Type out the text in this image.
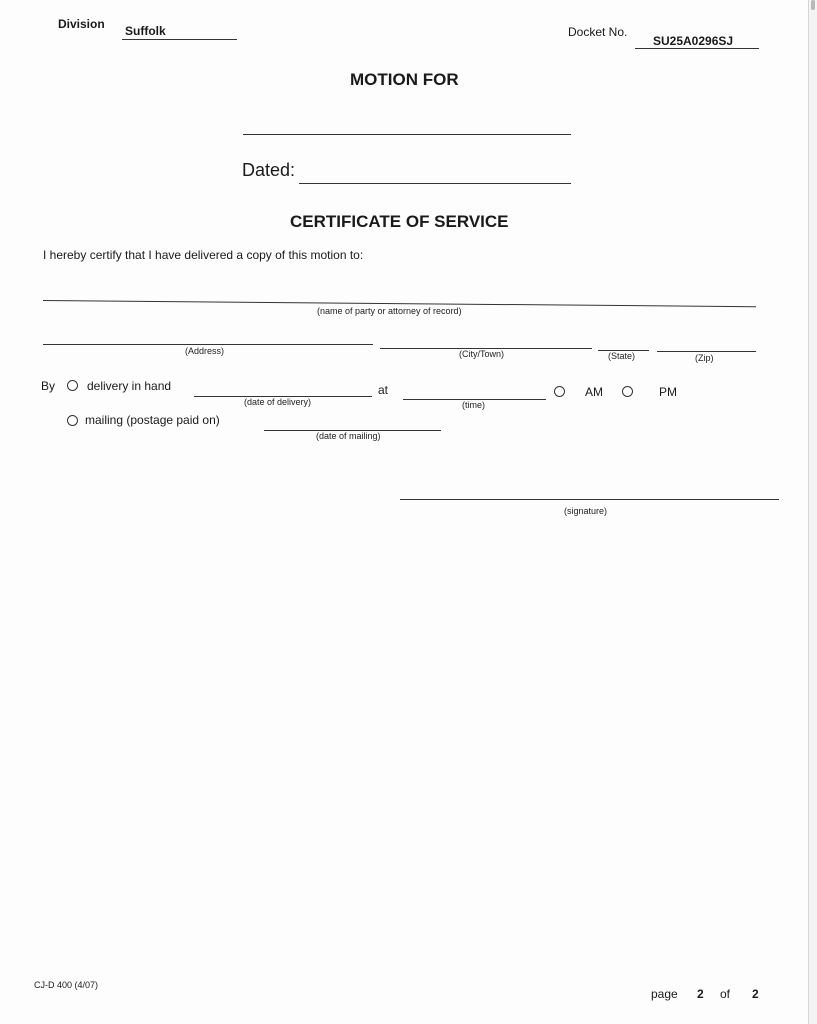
Division Suffolk	Docket No.
SU25A0296SJ
MOTION FOR
Dated:
CERTIFICATE OF SERVICE
I hereby certify that I have delivered a copy of this motion to:
(name of party or attorney of record)
(Address)	(City/Town)	(State)	(Zip)
By	delivery in hand
(date of delivery)
at
(time)
AM	PM
mailing (postage paid on)
(date of mailing)
(signature)
CJ-D 400 (4/07)
page 2 of 2
